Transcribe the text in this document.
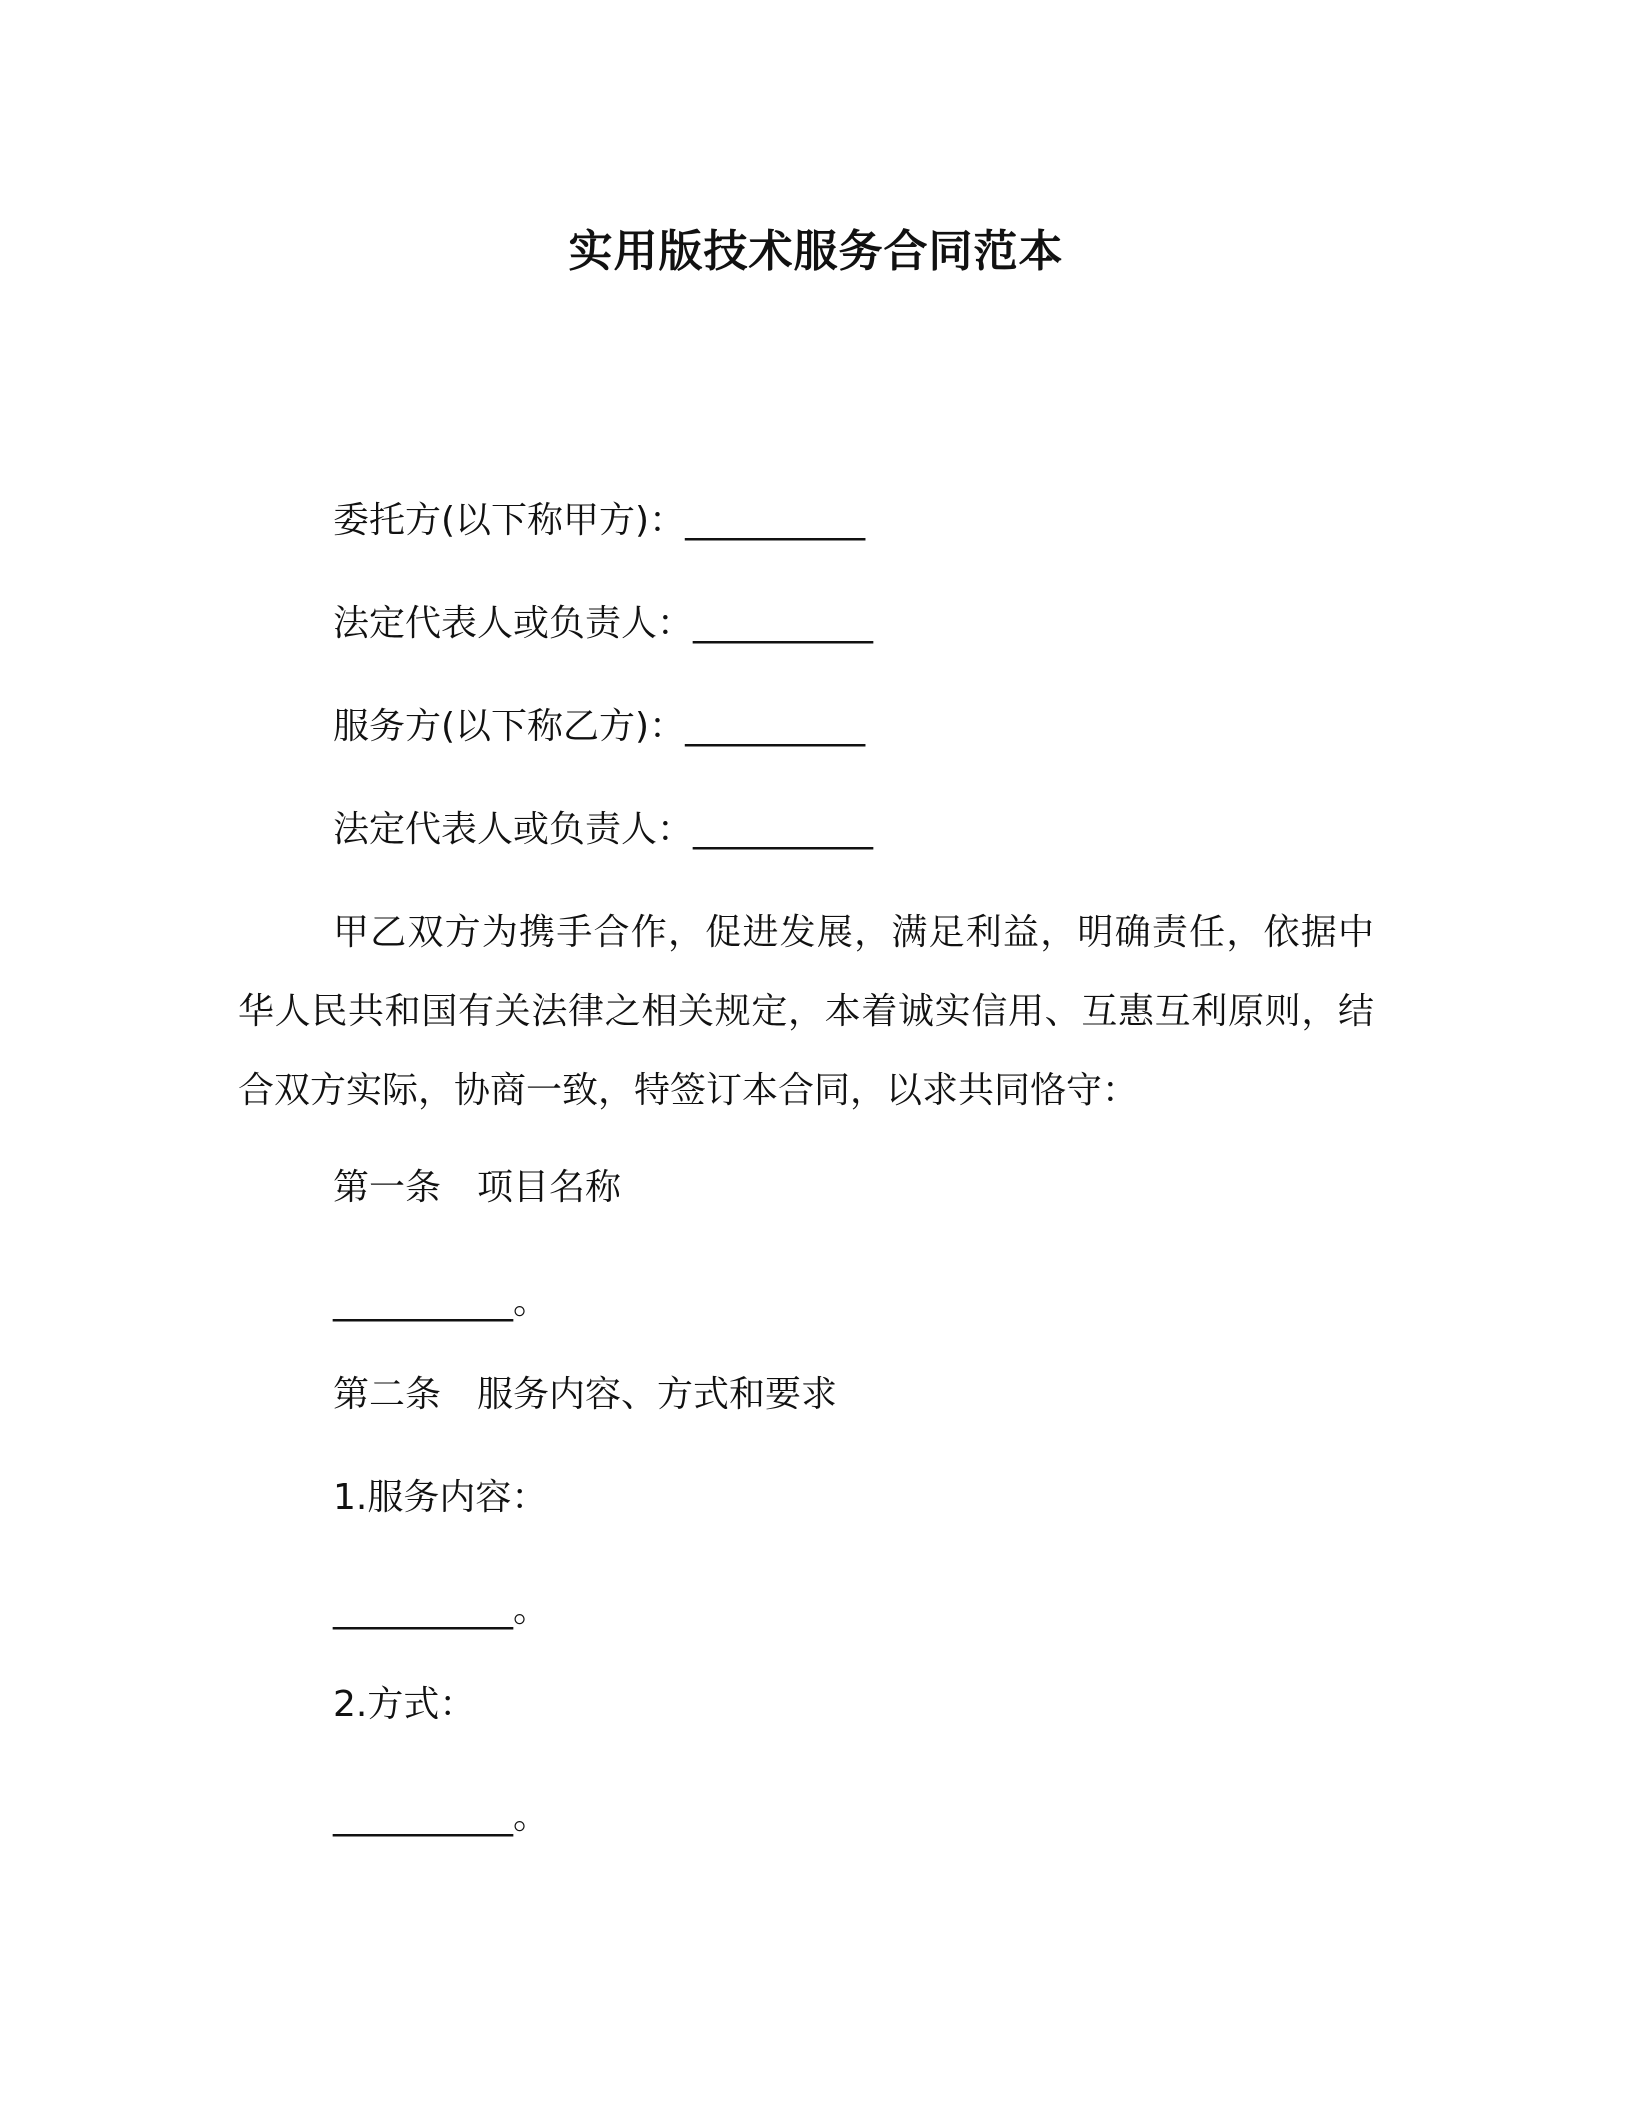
实用版技术服务合同范本
委托方(以下称甲方)：__________
法定代表人或负责人：__________
服务方(以下称乙方)：__________
法定代表人或负责人：__________
甲乙双方为携手合作，促进发展，满足利益，明确责任，依据中华人民共和国有关法律之相关规定，本着诚实信用、互惠互利原则，结合双方实际，协商一致，特签订本合同，以求共同恪守：
第一条 项目名称
__________。
第二条 服务内容、方式和要求
1.服务内容：
__________。
2.方式：
__________。
